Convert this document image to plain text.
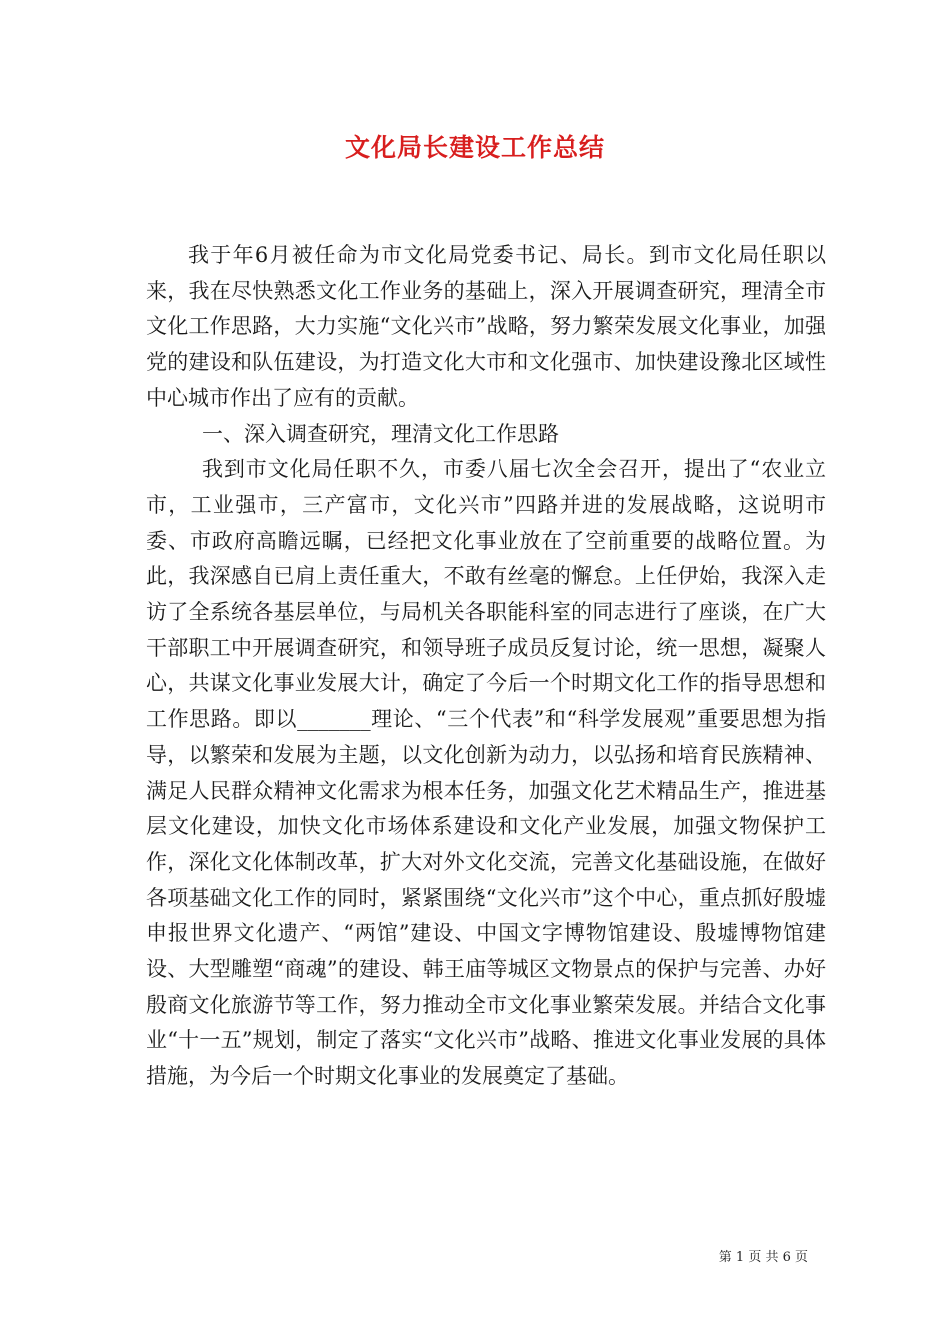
文化局长建设工作总结

我于年6月被任命为市文化局党委书记、局长。到市文化局任职以来，我在尽快熟悉文化工作业务的基础上，深入开展调查研究，理清全市文化工作思路，大力实施“文化兴市”战略，努力繁荣发展文化事业，加强党的建设和队伍建设，为打造文化大市和文化强市、加快建设豫北区域性中心城市作出了应有的贡献。

一、深入调查研究，理清文化工作思路

我到市文化局任职不久，市委八届七次全会召开，提出了“农业立市，工业强市，三产富市，文化兴市”四路并进的发展战略，这说明市委、市政府高瞻远瞩，已经把文化事业放在了空前重要的战略位置。为此，我深感自已肩上责任重大，不敢有丝毫的懈怠。上任伊始，我深入走访了全系统各基层单位，与局机关各职能科室的同志进行了座谈，在广大干部职工中开展调查研究，和领导班子成员反复讨论，统一思想，凝聚人心，共谋文化事业发展大计，确定了今后一个时期文化工作的指导思想和工作思路。即以_______理论、“三个代表”和“科学发展观”重要思想为指导，以繁荣和发展为主题，以文化创新为动力，以弘扬和培育民族精神、满足人民群众精神文化需求为根本任务，加强文化艺术精品生产，推进基层文化建设，加快文化市场体系建设和文化产业发展，加强文物保护工作，深化文化体制改革，扩大对外文化交流，完善文化基础设施，在做好各项基础文化工作的同时，紧紧围绕“文化兴市”这个中心，重点抓好殷墟申报世界文化遗产、“两馆”建设、中国文字博物馆建设、殷墟博物馆建设、大型雕塑“商魂”的建设、韩王庙等城区文物景点的保护与完善、办好殷商文化旅游节等工作，努力推动全市文化事业繁荣发展。并结合文化事业“十一五”规划，制定了落实“文化兴市”战略、推进文化事业发展的具体措施，为今后一个时期文化事业的发展奠定了基础。

第 1 页 共 6 页
